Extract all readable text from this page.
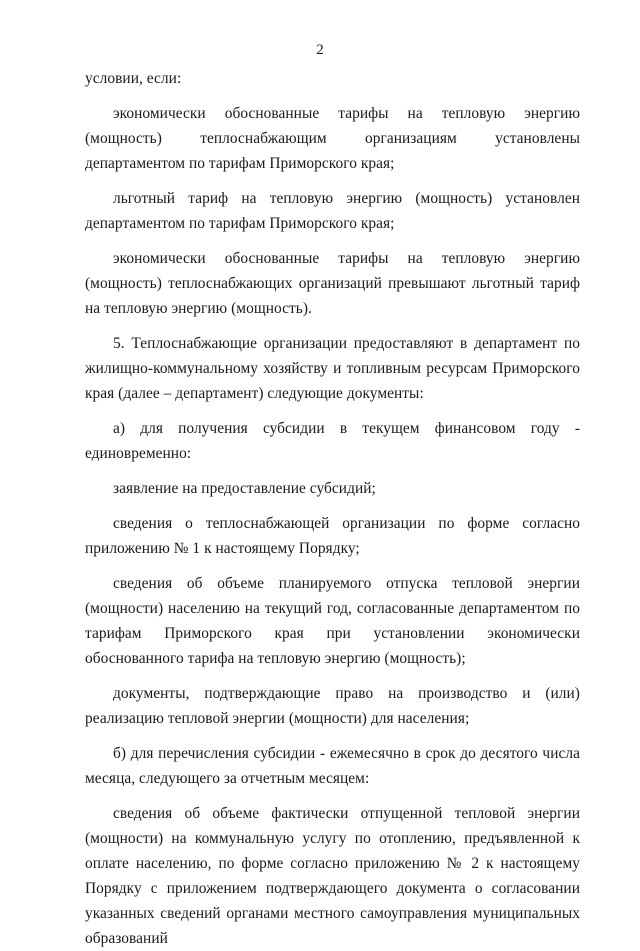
2

условии, если:

экономически обоснованные тарифы на тепловую энергию (мощность) теплоснабжающим организациям установлены департаментом по тарифам Приморского края;

льготный тариф на тепловую энергию (мощность) установлен департаментом по тарифам Приморского края;

экономически обоснованные тарифы на тепловую энергию (мощность) теплоснабжающих организаций превышают льготный тариф на тепловую энергию (мощность).

5. Теплоснабжающие организации предоставляют в департамент по жилищно-коммунальному хозяйству и топливным ресурсам Приморского края (далее – департамент) следующие документы:

а) для получения субсидии в текущем финансовом году - единовременно:

заявление на предоставление субсидий;

сведения о теплоснабжающей организации по форме согласно приложению № 1 к настоящему Порядку;

сведения об объеме планируемого отпуска тепловой энергии (мощности) населению на текущий год, согласованные департаментом по тарифам Приморского края при установлении экономически обоснованного тарифа на тепловую энергию (мощность);

документы, подтверждающие право на производство и (или) реализацию тепловой энергии (мощности) для населения;

б) для перечисления субсидии - ежемесячно в срок до десятого числа месяца, следующего за отчетным месяцем:

сведения об объеме фактически отпущенной тепловой энергии (мощности) на коммунальную услугу по отоплению, предъявленной к оплате населению, по форме согласно приложению № 2 к настоящему Порядку с приложением подтверждающего документа о согласовании указанных сведений органами местного самоуправления муниципальных образований
